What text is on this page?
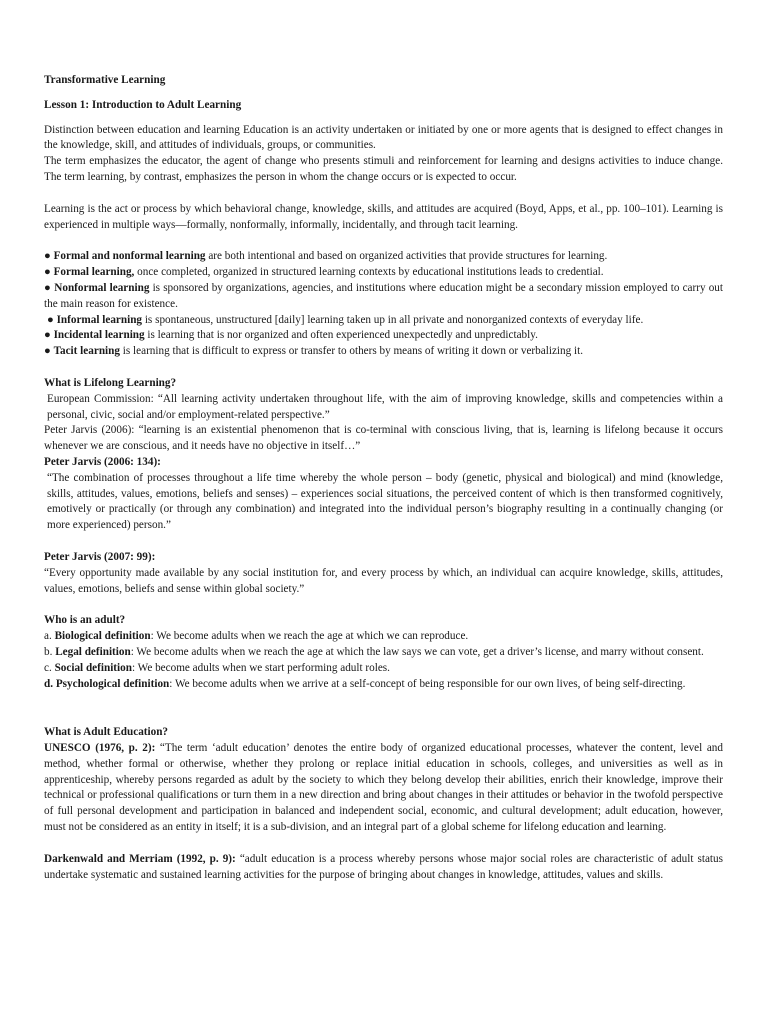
Transformative Learning

Lesson 1: Introduction to Adult Learning

Distinction between education and learning Education is an activity undertaken or initiated by one or more agents that is designed to effect changes in the knowledge, skill, and attitudes of individuals, groups, or communities.

The term emphasizes the educator, the agent of change who presents stimuli and reinforcement for learning and designs activities to induce change. The term learning, by contrast, emphasizes the person in whom the change occurs or is expected to occur.

Learning is the act or process by which behavioral change, knowledge, skills, and attitudes are acquired (Boyd, Apps, et al., pp. 100–101). Learning is experienced in multiple ways—formally, nonformally, informally, incidentally, and through tacit learning.

● Formal and nonformal learning are both intentional and based on organized activities that provide structures for learning.

● Formal learning, once completed, organized in structured learning contexts by educational institutions leads to credential.

● Nonformal learning is sponsored by organizations, agencies, and institutions where education might be a secondary mission employed to carry out the main reason for existence.

● Informal learning is spontaneous, unstructured [daily] learning taken up in all private and nonorganized contexts of everyday life.

● Incidental learning is learning that is nor organized and often experienced unexpectedly and unpredictably.

● Tacit learning is learning that is difficult to express or transfer to others by means of writing it down or verbalizing it.

What is Lifelong Learning?

European Commission: “All learning activity undertaken throughout life, with the aim of improving knowledge, skills and competencies within a personal, civic, social and/or employment-related perspective.”

Peter Jarvis (2006): “learning is an existential phenomenon that is co-terminal with conscious living, that is, learning is lifelong because it occurs whenever we are conscious, and it needs have no objective in itself…”

Peter Jarvis (2006: 134):

“The combination of processes throughout a life time whereby the whole person – body (genetic, physical and biological) and mind (knowledge, skills, attitudes, values, emotions, beliefs and senses) – experiences social situations, the perceived content of which is then transformed cognitively, emotively or practically (or through any combination) and integrated into the individual person’s biography resulting in a continually changing (or more experienced) person.”

Peter Jarvis (2007: 99):

“Every opportunity made available by any social institution for, and every process by which, an individual can acquire knowledge, skills, attitudes, values, emotions, beliefs and sense within global society.”

Who is an adult?

a. Biological definition: We become adults when we reach the age at which we can reproduce.

b. Legal definition: We become adults when we reach the age at which the law says we can vote, get a driver’s license, and marry without consent.

c. Social definition: We become adults when we start performing adult roles.

d. Psychological definition: We become adults when we arrive at a self-concept of being responsible for our own lives, of being self-directing.

What is Adult Education?

UNESCO (1976, p. 2): “The term ‘adult education’ denotes the entire body of organized educational processes, whatever the content, level and method, whether formal or otherwise, whether they prolong or replace initial education in schools, colleges, and universities as well as in apprenticeship, whereby persons regarded as adult by the society to which they belong develop their abilities, enrich their knowledge, improve their technical or professional qualifications or turn them in a new direction and bring about changes in their attitudes or behavior in the twofold perspective of full personal development and participation in balanced and independent social, economic, and cultural development; adult education, however, must not be considered as an entity in itself; it is a sub-division, and an integral part of a global scheme for lifelong education and learning.

Darkenwald and Merriam (1992, p. 9): “adult education is a process whereby persons whose major social roles are characteristic of adult status undertake systematic and sustained learning activities for the purpose of bringing about changes in knowledge, attitudes, values and skills.
